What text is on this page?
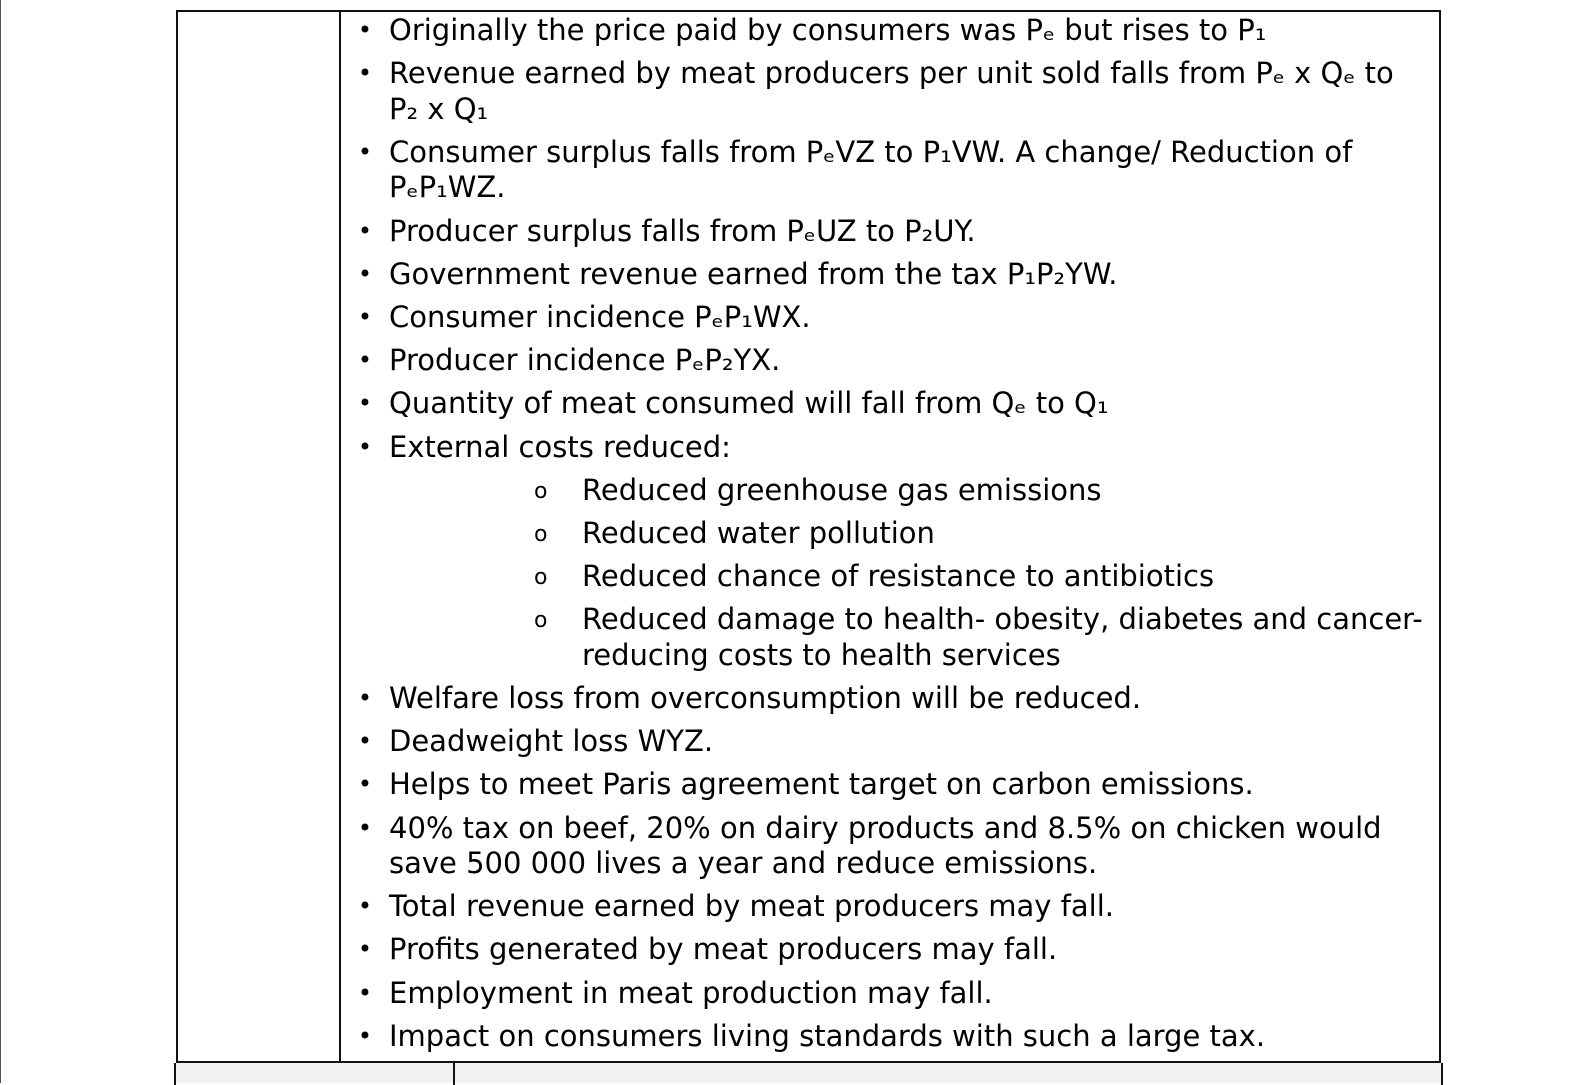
• Originally the price paid by consumers was Pₑ but rises to P₁
• Revenue earned by meat producers per unit sold falls from Pₑ x Qₑ to P₂ x Q₁
• Consumer surplus falls from PₑVZ to P₁VW. A change/ Reduction of PₑP₁WZ.
• Producer surplus falls from PₑUZ to P₂UY.
• Government revenue earned from the tax P₁P₂YW.
• Consumer incidence PₑP₁WX.
• Producer incidence PₑP₂YX.
• Quantity of meat consumed will fall from Qₑ to Q₁
• External costs reduced:
o Reduced greenhouse gas emissions
o Reduced water pollution
o Reduced chance of resistance to antibiotics
o Reduced damage to health- obesity, diabetes and cancer- reducing costs to health services
• Welfare loss from overconsumption will be reduced.
• Deadweight loss WYZ.
• Helps to meet Paris agreement target on carbon emissions.
• 40% tax on beef, 20% on dairy products and 8.5% on chicken would save 500 000 lives a year and reduce emissions.
• Total revenue earned by meat producers may fall.
• Profits generated by meat producers may fall.
• Employment in meat production may fall.
• Impact on consumers living standards with such a large tax.
